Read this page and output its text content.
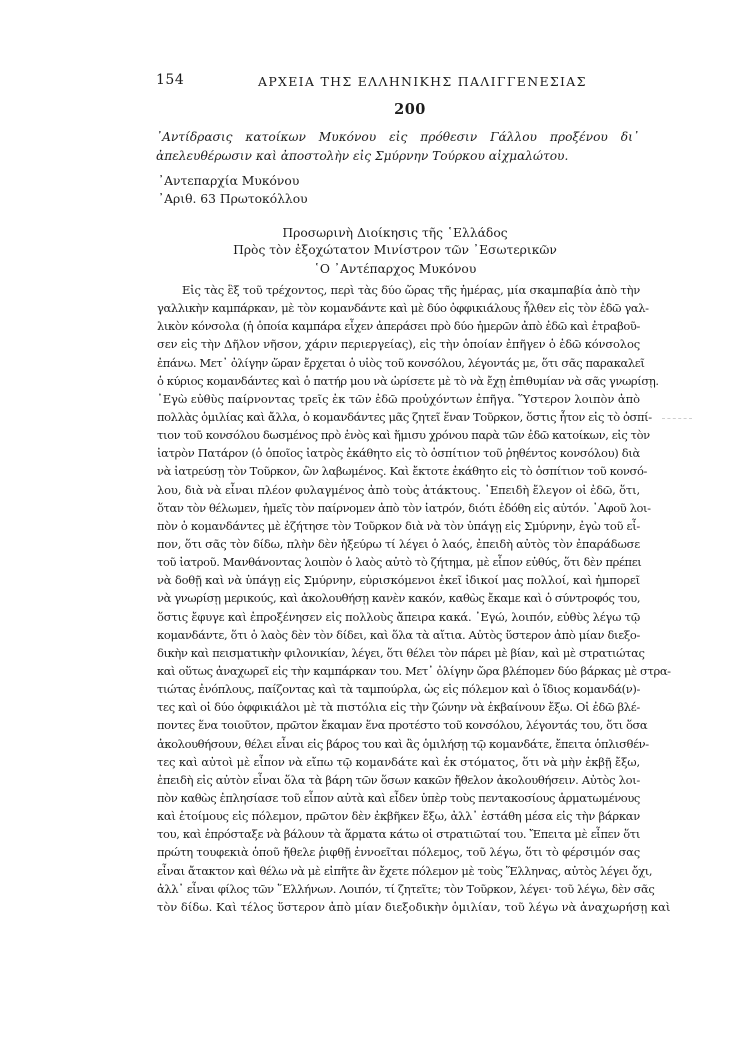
154	ΑΡΧΕΙΑ ΤΗΣ ΕΛΛΗΝΙΚΗΣ ΠΑΛΙΓΓΕΝΕΣΙΑΣ
200
᾿Αντίδρασις κατοίκων Μυκόνου εἰς πρόθεσιν Γάλλου προξένου δι᾿ ἀπελευθέρωσιν καὶ ἀποστολὴν εἰς Σμύρνην Τούρκου αἰχμαλώτου.
᾿Αντεπαρχία Μυκόνου
᾿Αριθ. 63 Πρωτοκόλλου
Προσωρινὴ Διοίκησις τῆς ῾Ελλάδος
Πρὸς τὸν ἐξοχώτατον Μινίστρον τῶν ᾿Εσωτερικῶν
῾Ο ᾿Αντέπαρχος Μυκόνου
Εἰς τὰς ἓξ τοῦ τρέχοντος, περὶ τὰς δύο ὥρας τῆς ἡμέρας, μία σκαμπαβία ἀπὸ τὴν
γαλλικὴν καμπάρκαν, μὲ τὸν κομανδάντε καὶ μὲ δύο ὀφφικιάλους ἦλθεν εἰς τὸν ἐδῶ γαλ-
λικὸν κόνσολα (ἡ ὁποία καμπάρα εἶχεν ἀπεράσει πρὸ δύο ἡμερῶν ἀπὸ ἐδῶ καὶ ἐτραβοῦ-
σεν εἰς τὴν Δῆλον νῆσον, χάριν περιεργείας), εἰς τὴν ὁποίαν ἐπῆγεν ὁ ἐδῶ κόνσολος
ἐπάνω. Μετ᾿ ὀλίγην ὥραν ἔρχεται ὁ υἱὸς τοῦ κονσόλου, λέγοντάς με, ὅτι σᾶς παρακαλεῖ
ὁ κύριος κομανδάντες καὶ ὁ πατήρ μου νὰ ὡρίσετε μὲ τὸ νὰ ἔχῃ ἐπιθυμίαν νὰ σᾶς γνωρίσῃ.
᾿Εγὼ εὐθὺς παίρνοντας τρεῖς ἐκ τῶν ἐδῶ προὐχόντων ἐπῆγα. Ὕστερον λοιπὸν ἀπὸ
πολλὰς ὁμιλίας καὶ ἄλλα, ὁ κομανδάντες μᾶς ζητεῖ ἕναν Τοῦρκον, ὅστις ἦτον εἰς τὸ ὁσπί-
τιον τοῦ κονσόλου δωσμένος πρὸ ἑνὸς καὶ ἥμισυ χρόνου παρὰ τῶν ἐδῶ κατοίκων, εἰς τὸν
ἰατρὸν Πατάρον (ὁ ὁποῖος ἰατρὸς ἐκάθητο εἰς τὸ ὁσπίτιον τοῦ ῥηθέντος κονσόλου) διὰ
νὰ ἰατρεύσῃ τὸν Τοῦρκον, ὢν λαβωμένος. Καὶ ἔκτοτε ἐκάθητο εἰς τὸ ὁσπίτιον τοῦ κονσό-
λου, διὰ νὰ εἶναι πλέον φυλαγμένος ἀπὸ τοὺς ἀτάκτους. ᾿Επειδὴ ἔλεγον οἱ ἐδῶ, ὅτι,
ὅταν τὸν θέλωμεν, ἡμεῖς τὸν παίρνομεν ἀπὸ τὸν ἰατρόν, διότι ἐδόθη εἰς αὐτόν. ᾿Αφοῦ λοι-
πὸν ὁ κομανδάντες μὲ ἐζήτησε τὸν Τοῦρκον διὰ νὰ τὸν ὑπάγῃ εἰς Σμύρνην, ἐγὼ τοῦ εἶ-
πον, ὅτι σᾶς τὸν δίδω, πλὴν δὲν ἠξεύρω τί λέγει ὁ λαός, ἐπειδὴ αὐτὸς τὸν ἐπαράδωσε
τοῦ ἰατροῦ. Μανθάνοντας λοιπὸν ὁ λαὸς αὐτὸ τὸ ζήτημα, μὲ εἶπον εὐθύς, ὅτι δὲν πρέπει
νὰ δοθῇ καὶ νὰ ὑπάγῃ εἰς Σμύρνην, εὑρισκόμενοι ἐκεῖ ἰδικοί μας πολλοί, καὶ ἠμπορεῖ
νὰ γνωρίσῃ μερικούς, καὶ ἀκολουθήσῃ κανὲν κακόν, καθὼς ἔκαμε καὶ ὁ σύντροφός του,
ὅστις ἔφυγε καὶ ἐπροξένησεν εἰς πολλοὺς ἄπειρα κακά. ᾿Εγώ, λοιπόν, εὐθὺς λέγω τῷ
κομανδάντε, ὅτι ὁ λαὸς δὲν τὸν δίδει, καὶ ὅλα τὰ αἴτια. Αὐτὸς ὕστερον ἀπὸ μίαν διεξο-
δικὴν καὶ πεισματικὴν φιλονικίαν, λέγει, ὅτι θέλει τὸν πάρει μὲ βίαν, καὶ μὲ στρατιώτας
καὶ οὕτως ἀναχωρεῖ εἰς τὴν καμπάρκαν του. Μετ᾿ ὀλίγην ὥρα βλέπομεν δύο βάρκας μὲ στρα-
τιώτας ἐνόπλους, παίζοντας καὶ τὰ ταμπούρλα, ὡς εἰς πόλεμον καὶ ὁ ἴδιος κομανδά(ν)-
τες καὶ οἱ δύο ὀφφικιάλοι μὲ τὰ πιστόλια εἰς τὴν ζώνην νὰ ἐκβαίνουν ἔξω. Οἱ ἐδῶ βλέ-
ποντες ἕνα τοιοῦτον, πρῶτον ἔκαμαν ἕνα προτέστο τοῦ κονσόλου, λέγοντάς του, ὅτι ὅσα
ἀκολουθήσουν, θέλει εἶναι εἰς βάρος του καὶ ἂς ὁμιλήσῃ τῷ κομανδάτε, ἔπειτα ὁπλισθέν-
τες καὶ αὐτοὶ μὲ εἶπον νὰ εἴπω τῷ κομανδάτε καὶ ἐκ στόματος, ὅτι νὰ μὴν ἐκβῇ ἔξω,
ἐπειδὴ εἰς αὐτὸν εἶναι ὅλα τὰ βάρη τῶν ὅσων κακῶν ἤθελον ἀκολουθήσειν. Αὐτὸς λοι-
πὸν καθὼς ἐπλησίασε τοῦ εἶπον αὐτὰ καὶ εἶδεν ὑπὲρ τοὺς πεντακοσίους ἁρματωμένους
καὶ ἑτοίμους εἰς πόλεμον, πρῶτον δὲν ἐκβῆκεν ἔξω, ἀλλ᾿ ἐστάθη μέσα εἰς τὴν βάρκαν
του, καὶ ἐπρόσταξε νὰ βάλουν τὰ ἅρματα κάτω οἱ στρατιῶταί του. Ἔπειτα μὲ εἶπεν ὅτι
πρώτη τουφεκιὰ ὁποῦ ἤθελε ῥιφθῇ ἐννοεῖται πόλεμος, τοῦ λέγω, ὅτι τὸ φέρσιμόν σας
εἶναι ἄτακτον καὶ θέλω νὰ μὲ εἰπῆτε ἂν ἔχετε πόλεμον μὲ τοὺς Ἕλληνας, αὐτὸς λέγει ὄχι,
ἀλλ᾿ εἶναι φίλος τῶν ῞Ελλήνων. Λοιπόν, τί ζητεῖτε; τὸν Τοῦρκον, λέγει· τοῦ λέγω, δὲν σᾶς
τὸν δίδω. Καὶ τέλος ὕστερον ἀπὸ μίαν διεξοδικὴν ὁμιλίαν, τοῦ λέγω νὰ ἀναχωρήσῃ καὶ
